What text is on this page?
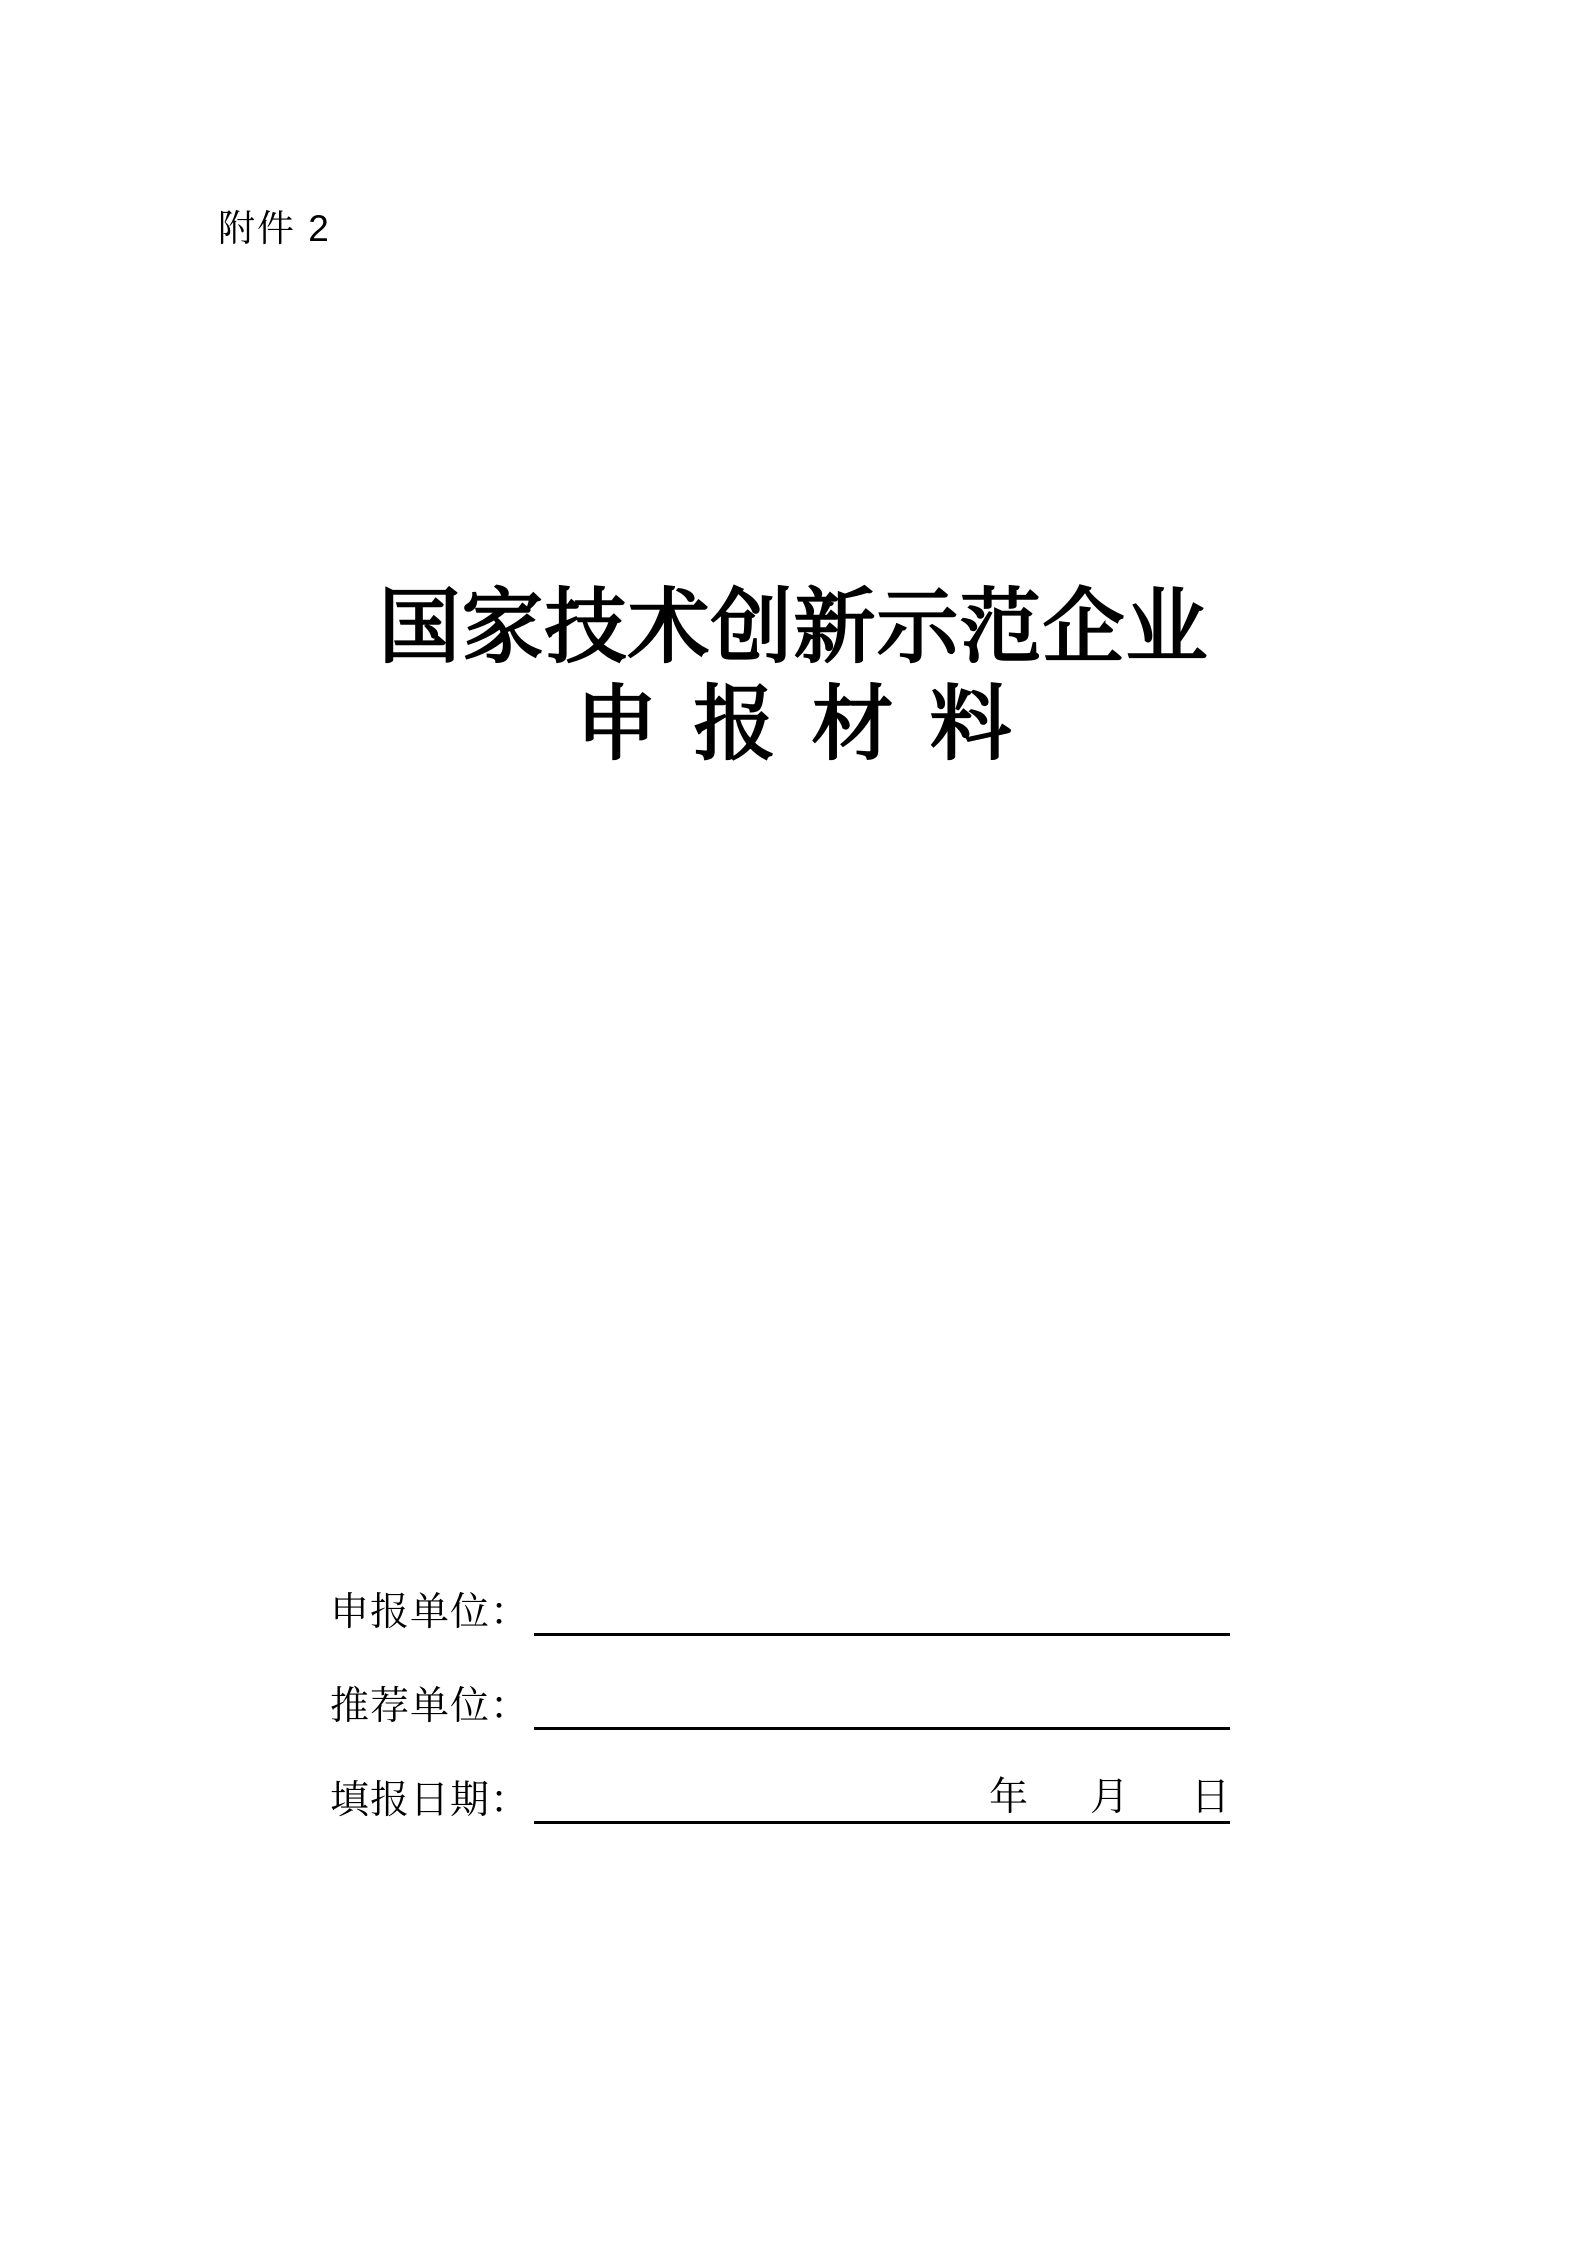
附件 2
国家技术创新示范企业
申报材料
申报单位：
推荐单位：
填报日期：	年 月 日
